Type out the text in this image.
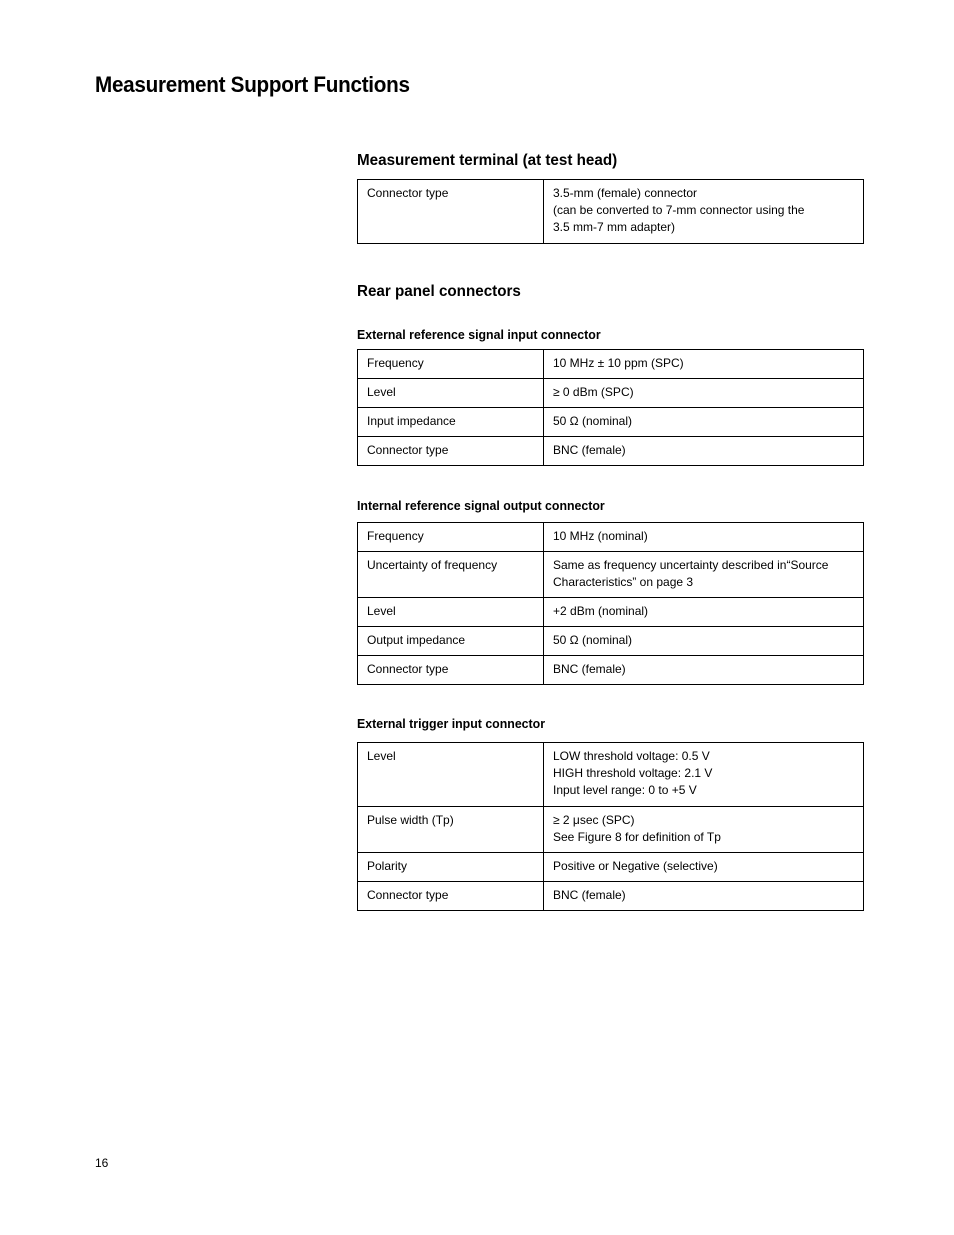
Measurement Support Functions
Measurement terminal (at test head)
Connector type	3.5-mm (female) connector
(can be converted to 7-mm connector using the
3.5 mm-7 mm adapter)
Rear panel connectors
External reference signal input connector
Frequency	10 MHz ± 10 ppm (SPC)
Level	≥ 0 dBm (SPC)
Input impedance	50 Ω (nominal)
Connector type	BNC (female)
Internal reference signal output connector
Frequency	10 MHz (nominal)
Uncertainty of frequency	Same as frequency uncertainty described in“Source
Characteristics” on page 3
Level	+2 dBm (nominal)
Output impedance	50 Ω (nominal)
Connector type	BNC (female)
External trigger input connector
Level	LOW threshold voltage: 0.5 V
HIGH threshold voltage: 2.1 V
Input level range: 0 to +5 V
Pulse width (Tp)	≥ 2 μsec (SPC)
See Figure 8 for definition of Tp
Polarity	Positive or Negative (selective)
Connector type	BNC (female)
16
